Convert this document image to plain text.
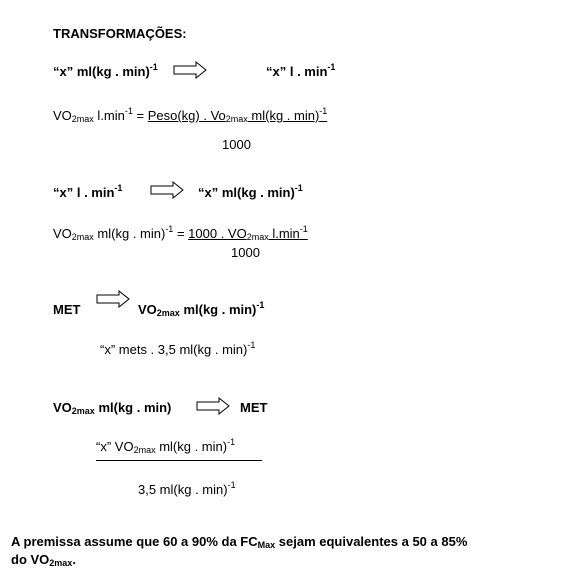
TRANSFORMAÇÕES:
“x” ml(kg . min)$^{-1}$	“x” l . $\min^{-1}$
$VO_{2max}$ $l.\min^{-1}$ = Peso(kg) . $Vo_{2max}$ ml(kg . min)$^{-1}$
1000
“x” l . $\min^{-1}$	“x” ml(kg . min)$^{-1}$
$VO_{2max}$ ml(kg . min)$^{-1}$ = 1000 . $VO_{2max}$ $l.\min^{-1}$
1000
MET	$VO_{2max}$ ml(kg . min)$^{-1}$
“x” mets . 3,5 ml(kg . min)$^{-1}$
$VO_{2max}$ ml(kg . min)	MET
“x” $VO_{2max}$ ml(kg . min)$^{-1}$
3,5 ml(kg . min)$^{-1}$
A premissa assume que 60 a 90% da $FC_{Max}$ sejam equivalentes a 50 a 85%
do $VO_{2max}$.
